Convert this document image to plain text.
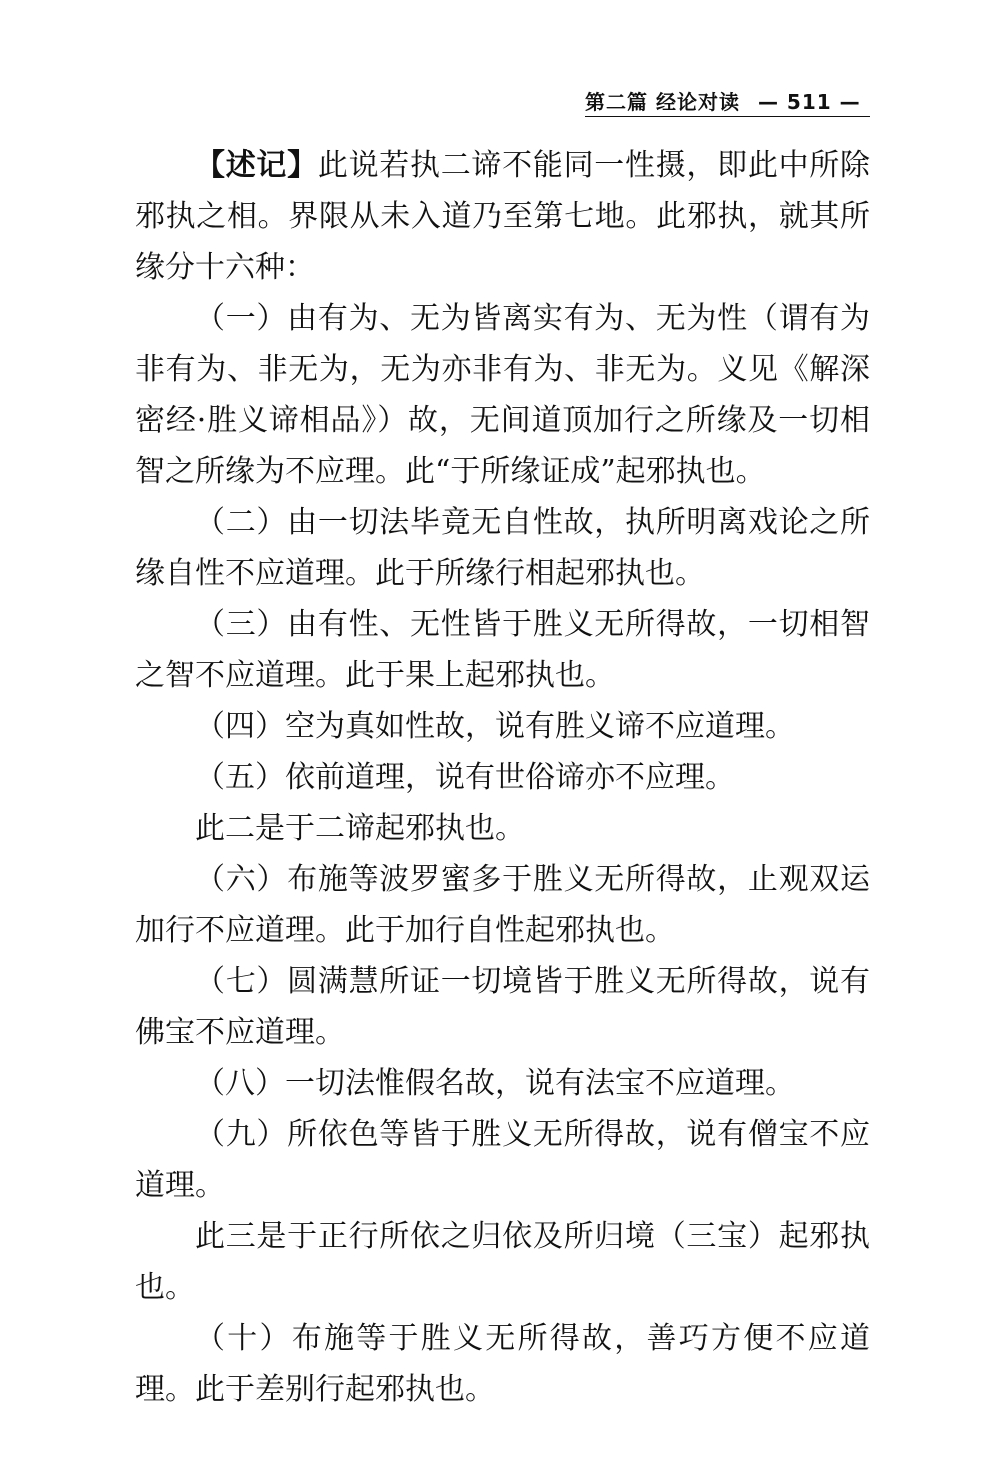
第二篇 经论对读 — 511 —

【述记】此说若执二谛不能同一性摄，即此中所除邪执之相。界限从未入道乃至第七地。此邪执，就其所缘分十六种：

（一）由有为、无为皆离实有为、无为性（谓有为非有为、非无为，无为亦非有为、非无为。义见《解深密经·胜义谛相品》）故，无间道顶加行之所缘及一切相智之所缘为不应理。此“于所缘证成”起邪执也。

（二）由一切法毕竟无自性故，执所明离戏论之所缘自性不应道理。此于所缘行相起邪执也。

（三）由有性、无性皆于胜义无所得故，一切相智之智不应道理。此于果上起邪执也。

（四）空为真如性故，说有胜义谛不应道理。

（五）依前道理，说有世俗谛亦不应理。

此二是于二谛起邪执也。

（六）布施等波罗蜜多于胜义无所得故，止观双运加行不应道理。此于加行自性起邪执也。

（七）圆满慧所证一切境皆于胜义无所得故，说有佛宝不应道理。

（八）一切法惟假名故，说有法宝不应道理。

（九）所依色等皆于胜义无所得故，说有僧宝不应道理。

此三是于正行所依之归依及所归境（三宝）起邪执也。

（十）布施等于胜义无所得故，善巧方便不应道理。此于差别行起邪执也。
